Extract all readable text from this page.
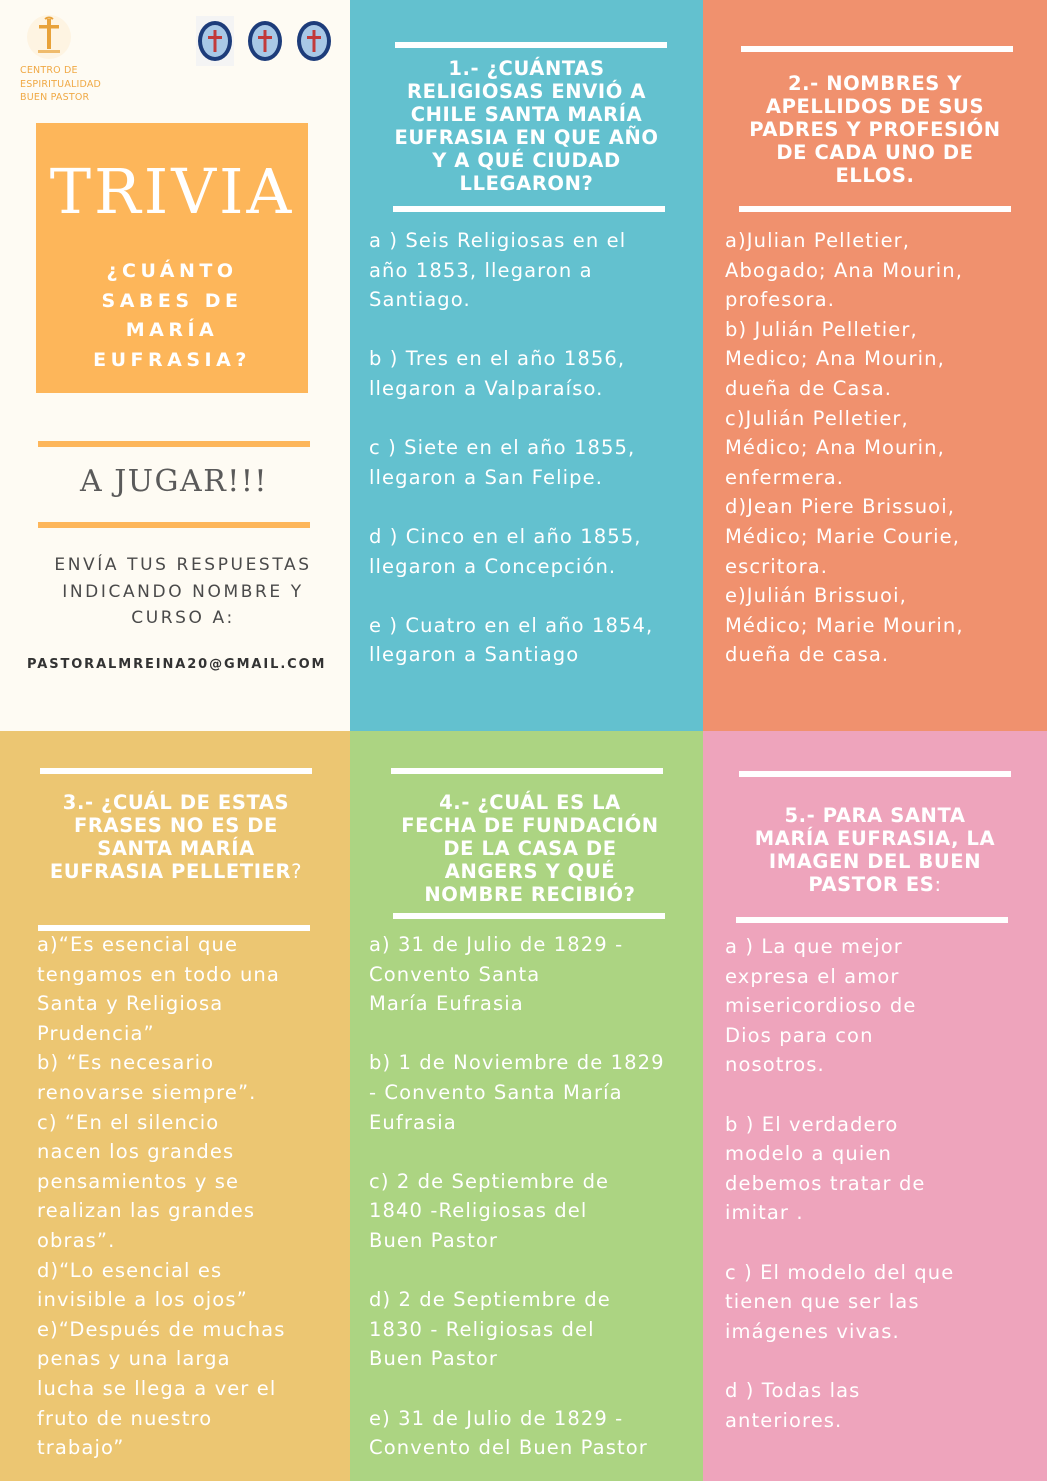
CENTRO DE
ESPIRITUALIDAD
BUEN PASTOR
TRIVIA
¿CUÁNTO
SABES DE
MARÍA
EUFRASIA?
A JUGAR!!!
ENVÍA TUS RESPUESTAS
INDICANDO NOMBRE Y
CURSO A:
PASTORALMREINA20@GMAIL.COM
1.- ¿CUÁNTAS
RELIGIOSAS ENVIÓ A
CHILE SANTA MARÍA
EUFRASIA EN QUE AÑO
Y A QUÉ CIUDAD
LLEGARON?

a ) Seis Religiosas en el

año 1853, llegaron a

Santiago.

b ) Tres en el año 1856,

llegaron a Valparaíso.

c ) Siete en el año 1855,

llegaron a San Felipe.

d ) Cinco en el año 1855,

llegaron a Concepción.

e ) Cuatro en el año 1854,

llegaron a Santiago

2.- NOMBRES Y
APELLIDOS DE SUS
PADRES Y PROFESIÓN
DE CADA UNO DE
ELLOS.

a)Julian Pelletier,

Abogado; Ana Mourin,

profesora.

b) Julián Pelletier,

Medico; Ana Mourin,

dueña de Casa.

c)Julián Pelletier,

Médico; Ana Mourin,

enfermera.

d)Jean Piere Brissuoi,

Médico; Marie Courie,

escritora.

e)Julián Brissuoi,

Médico; Marie Mourin,

dueña de casa.

3.- ¿CUÁL DE ESTAS
FRASES NO ES DE
SANTA MARÍA
EUFRASIA PELLETIER?

a)“Es esencial que

tengamos en todo una

Santa y Religiosa

Prudencia”

b) “Es necesario

renovarse siempre”.

c) “En el silencio

nacen los grandes

pensamientos y se

realizan las grandes

obras”.

d)“Lo esencial es

invisible a los ojos”

e)“Después de muchas

penas y una larga

lucha se llega a ver el

fruto de nuestro

trabajo”

4.- ¿CUÁL ES LA
FECHA DE FUNDACIÓN
DE LA CASA DE
ANGERS Y QUÉ
NOMBRE RECIBIÓ?

a) 31 de Julio de 1829 -

Convento Santa

María Eufrasia

b) 1 de Noviembre de 1829

- Convento Santa María

Eufrasia

c) 2 de Septiembre de

1840 -Religiosas del

Buen Pastor

d) 2 de Septiembre de

1830 - Religiosas del

Buen Pastor

e) 31 de Julio de 1829 -

Convento del Buen Pastor

5.- PARA SANTA
MARÍA EUFRASIA, LA
IMAGEN DEL BUEN
PASTOR ES:

a ) La que mejor

expresa el amor

misericordioso de

Dios para con

nosotros.

b ) El verdadero

modelo a quien

debemos tratar de

imitar .

c ) El modelo del que

tienen que ser las

imágenes vivas.

d ) Todas las

anteriores.
